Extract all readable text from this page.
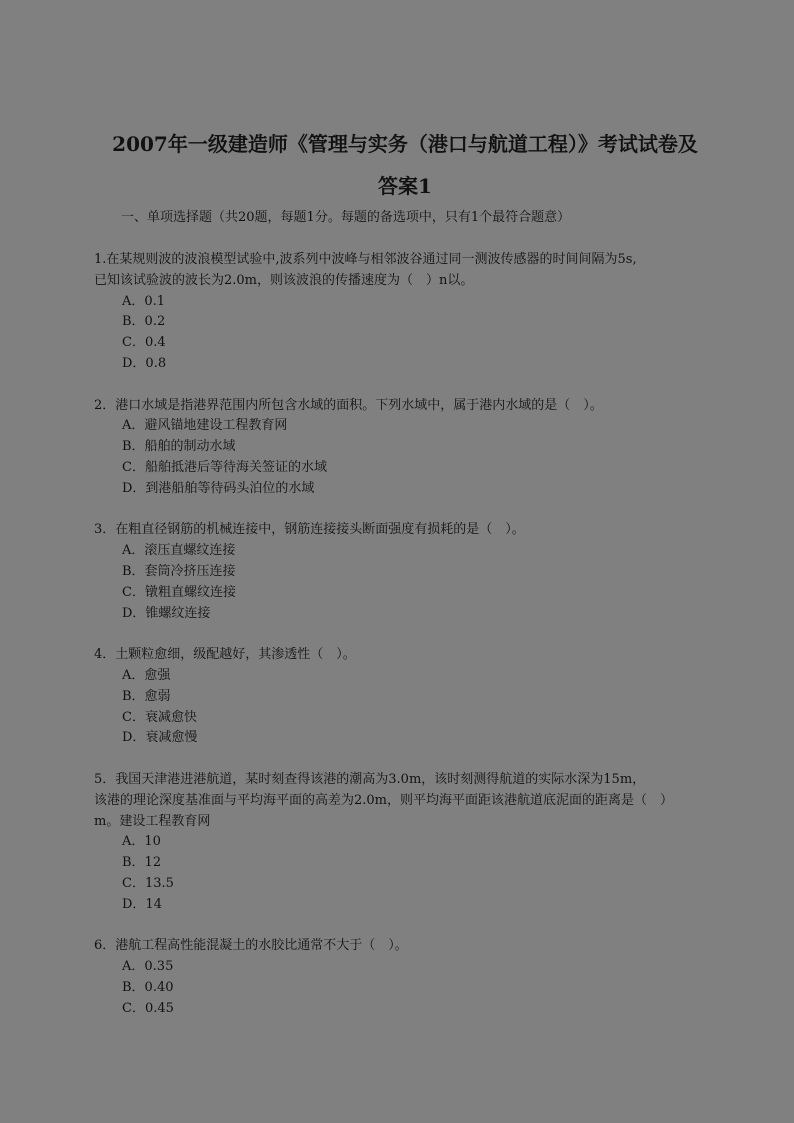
2007年一级建造师《管理与实务（港口与航道工程）》考试试卷及
答案1
一、单项选择题（共20题，每题1分。每题的备选项中，只有1个最符合题意）
1.在某规则波的波浪模型试验中,波系列中波峰与相邻波谷通过同一测波传感器的时间间隔为5s,
已知该试验波的波长为2.0m，则该波浪的传播速度为（　）n以。
A．0.1
B．0.2
C．0.4
D．0.8
2．港口水域是指港界范围内所包含水域的面积。下列水域中，属于港内水域的是（　）。
A．避风锚地建设工程教育网
B．船舶的制动水域
C．船舶抵港后等待海关签证的水域
D．到港船舶等待码头泊位的水域
3．在粗直径钢筋的机械连接中，钢筋连接接头断面强度有损耗的是（　）。
A．滚压直螺纹连接
B．套筒冷挤压连接
C．镦粗直螺纹连接
D．锥螺纹连接
4．土颗粒愈细，级配越好，其渗透性（　）。
A．愈强
B．愈弱
C．衰减愈快
D．衰减愈慢
5．我国天津港进港航道，某时刻查得该港的潮高为3.0m，该时刻测得航道的实际水深为15m，
该港的理论深度基准面与平均海平面的高差为2.0m，则平均海平面距该港航道底泥面的距离是（　）
m。建设工程教育网
A．10
B．12
C．13.5
D．14
6．港航工程高性能混凝土的水胶比通常不大于（　）。
A．0.35
B．0.40
C．0.45
